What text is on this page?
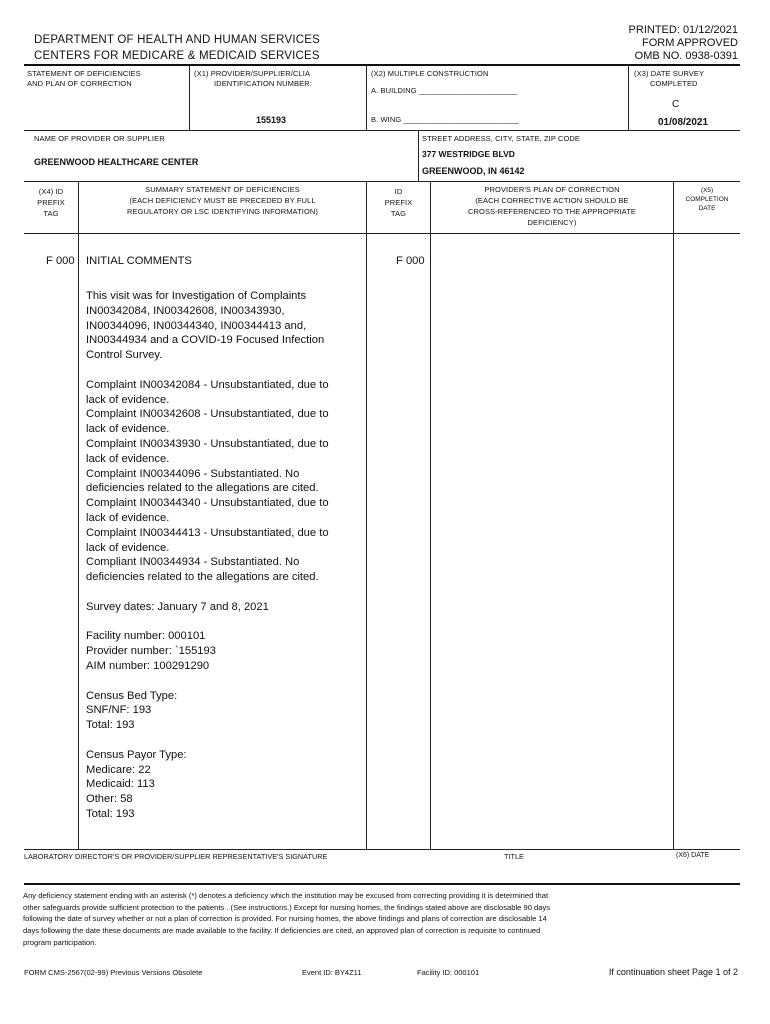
DEPARTMENT OF HEALTH AND HUMAN SERVICES
CENTERS FOR MEDICARE & MEDICAID SERVICES
PRINTED: 01/12/2021
FORM APPROVED
OMB NO. 0938-0391
STATEMENT OF DEFICIENCIES
AND PLAN OF CORRECTION
(X1) PROVIDER/SUPPLIER/CLIA
IDENTIFICATION NUMBER:
155193
(X2) MULTIPLE CONSTRUCTION
A. BUILDING _______________________
B. WING ___________________________
(X3) DATE SURVEY
COMPLETED
C
01/08/2021
NAME OF PROVIDER OR SUPPLIER
GREENWOOD HEALTHCARE CENTER
STREET ADDRESS, CITY, STATE, ZIP CODE
377 WESTRIDGE BLVD
GREENWOOD, IN 46142
(X4) ID
PREFIX
TAG
SUMMARY STATEMENT OF DEFICIENCIES
(EACH DEFICIENCY MUST BE PRECEDED BY FULL
REGULATORY OR LSC IDENTIFYING INFORMATION)
ID
PREFIX
TAG
PROVIDER'S PLAN OF CORRECTION
(EACH CORRECTIVE ACTION SHOULD BE
CROSS-REFERENCED TO THE APPROPRIATE
DEFICIENCY)
(X5)
COMPLETION
DATE
F 000 INITIAL COMMENTS	F 000
This visit was for Investigation of Complaints
IN00342084, IN00342608, IN00343930,
IN00344096, IN00344340, IN00344413 and,
IN00344934 and a COVID-19 Focused Infection
Control Survey.
Complaint IN00342084 - Unsubstantiated, due to
lack of evidence.
Complaint IN00342608 - Unsubstantiated, due to
lack of evidence.
Complaint IN00343930 - Unsubstantiated, due to
lack of evidence.
Complaint IN00344096 - Substantiated. No
deficiencies related to the allegations are cited.
Complaint IN00344340 - Unsubstantiated, due to
lack of evidence.
Complaint IN00344413 - Unsubstantiated, due to
lack of evidence.
Compliant IN00344934 - Substantiated. No
deficiencies related to the allegations are cited.
Survey dates: January 7 and 8, 2021
Facility number: 000101
Provider number: `155193
AIM number: 100291290
Census Bed Type:
SNF/NF: 193
Total: 193
Census Payor Type:
Medicare: 22
Medicaid: 113
Other: 58
Total: 193
LABORATORY DIRECTOR'S OR PROVIDER/SUPPLIER REPRESENTATIVE'S SIGNATURE	TITLE	(X6) DATE
Any deficiency statement ending with an asterisk (*) denotes a deficiency which the institution may be excused from correcting providing it is determined that
other safeguards provide sufficient protection to the patients . (See instructions.) Except for nursing homes, the findings stated above are disclosable 90 days
following the date of survey whether or not a plan of correction is provided. For nursing homes, the above findings and plans of correction are disclosable 14
days following the date these documents are made available to the facility. If deficiencies are cited, an approved plan of correction is requisite to continued
program participation.
FORM CMS-2567(02-99) Previous Versions Obsolete	Event ID: BY4Z11	Facility ID: 000101	If continuation sheet Page 1 of 2
